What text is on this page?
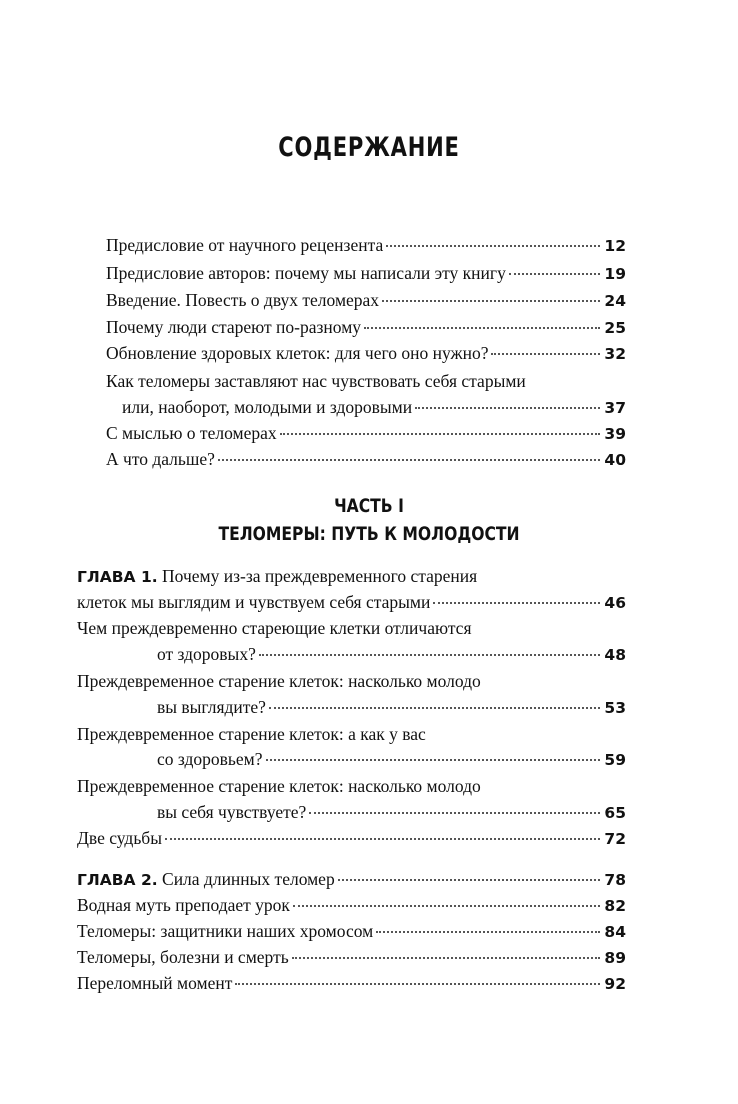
СОДЕРЖАНИЕ
Предисловие от научного рецензента	12
Предисловие авторов: почему мы написали эту книгу	19
Введение. Повесть о двух теломерах	24
Почему люди стареют по-разному	25
Обновление здоровых клеток: для чего оно нужно?	32
Как теломеры заставляют нас чувствовать себя старыми
или, наоборот, молодыми и здоровыми	37
С мыслью о теломерах	39
А что дальше?	40
ЧАСТЬ I
ТЕЛОМЕРЫ: ПУТЬ К МОЛОДОСТИ
ГЛАВА 1. Почему из-за преждевременного старения
клеток мы выглядим и чувствуем себя старыми	46
Чем преждевременно стареющие клетки отличаются
от здоровых?	48
Преждевременное старение клеток: насколько молодо
вы выглядите?	53
Преждевременное старение клеток: а как у вас
со здоровьем?	59
Преждевременное старение клеток: насколько молодо
вы себя чувствуете?	65
Две судьбы	72
ГЛАВА 2. Сила длинных теломер	78
Водная муть преподает урок	82
Теломеры: защитники наших хромосом	84
Теломеры, болезни и смерть	89
Переломный момент	92
